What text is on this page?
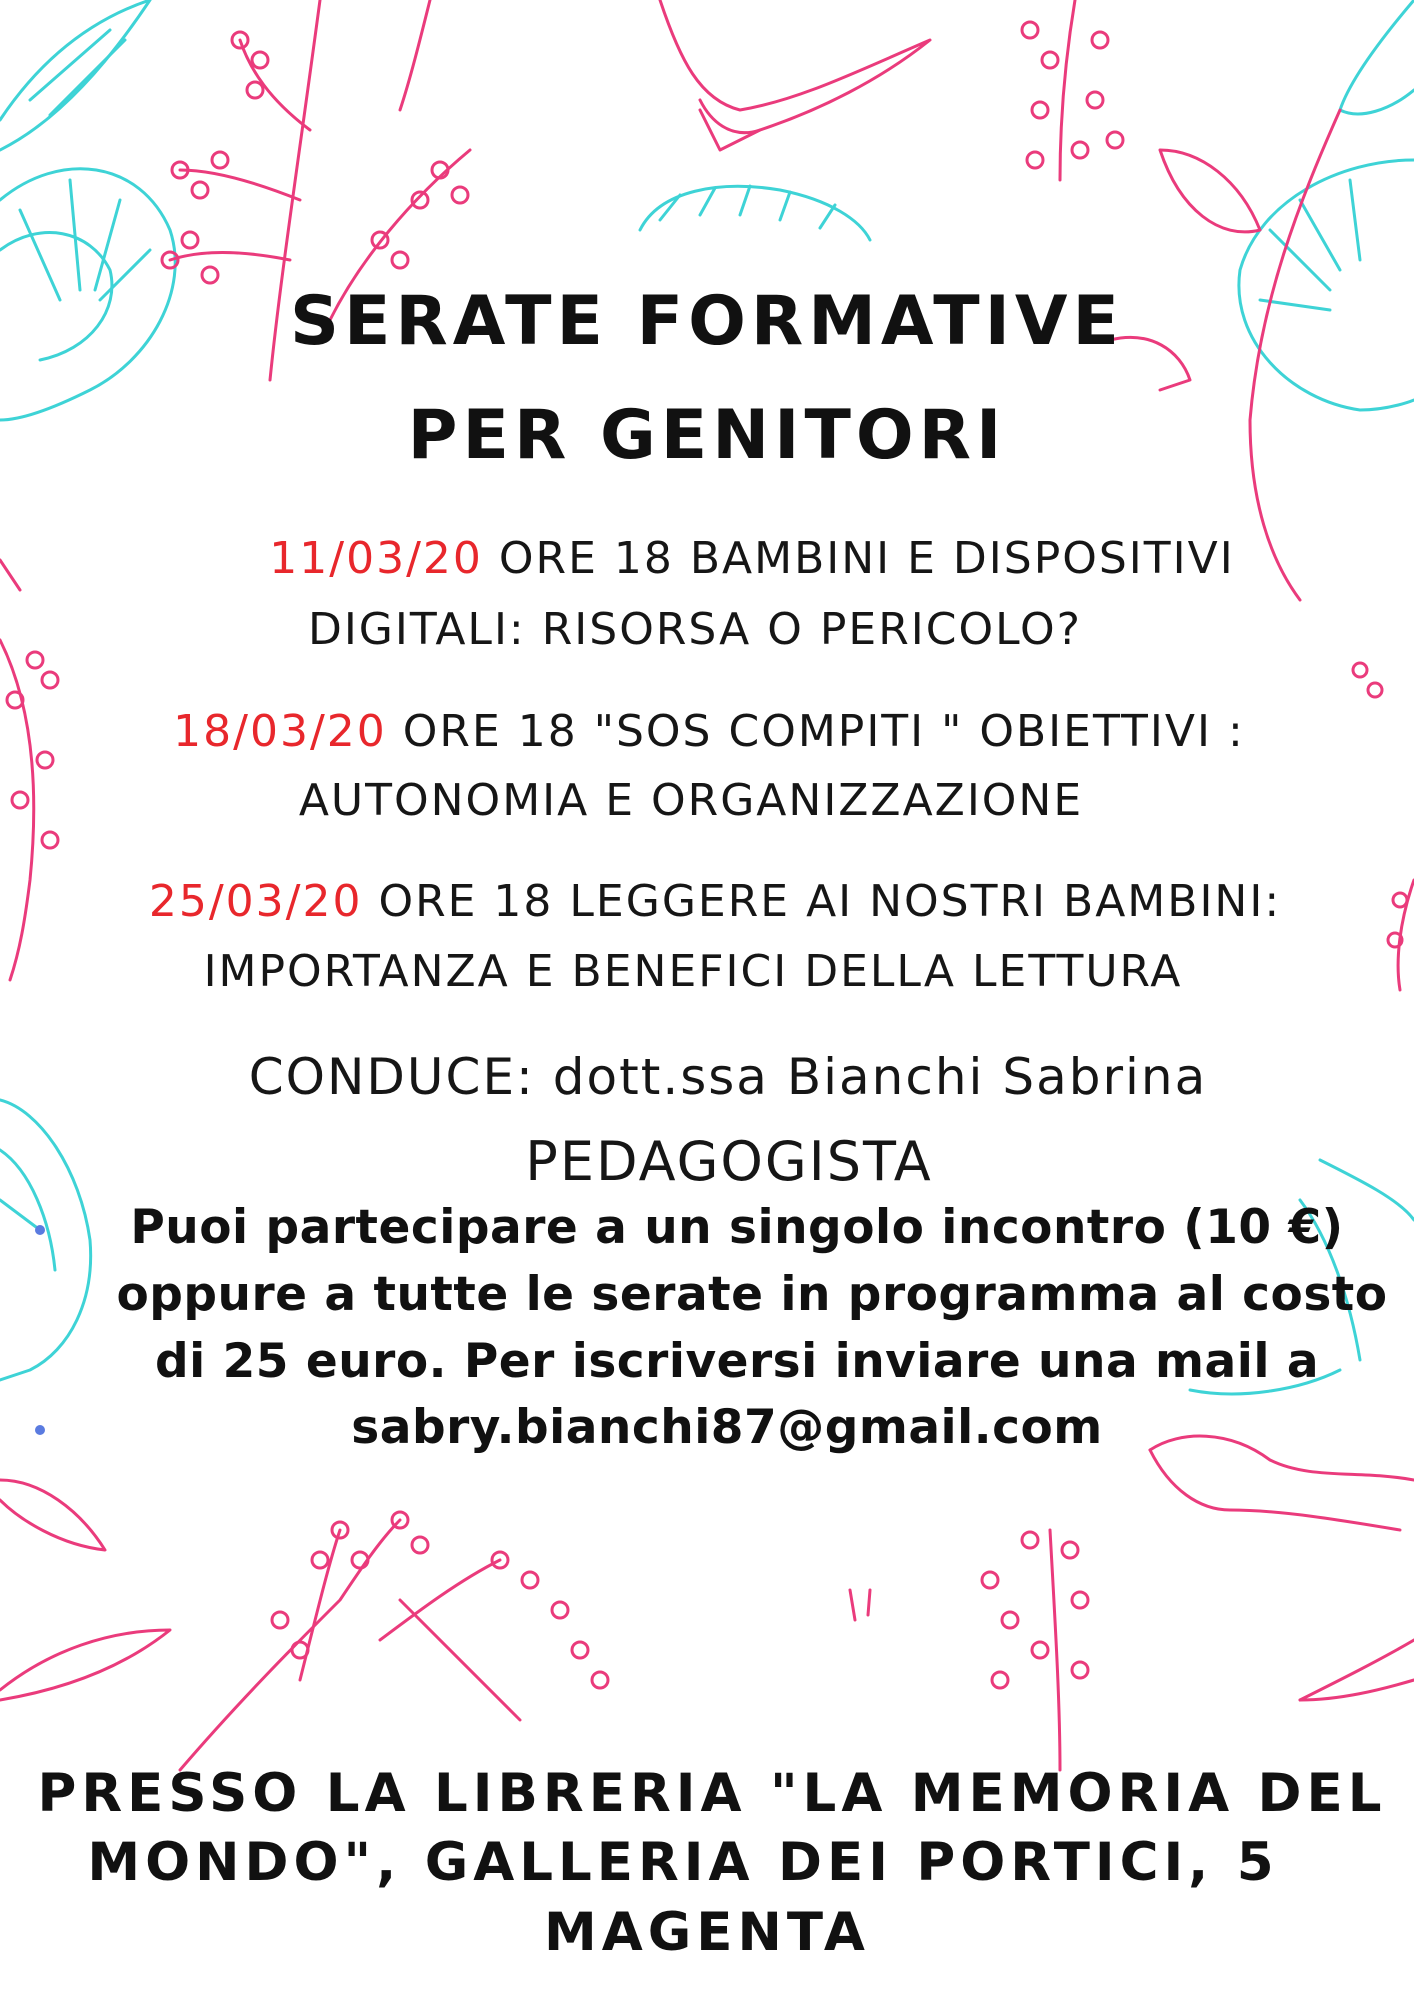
SERATE FORMATIVE
PER GENITORI
11/03/20 ORE 18 BAMBINI E DISPOSITIVI
DIGITALI: RISORSA O PERICOLO?
18/03/20 ORE 18 "SOS COMPITI " OBIETTIVI :
AUTONOMIA E ORGANIZZAZIONE
25/03/20 ORE 18 LEGGERE AI NOSTRI BAMBINI:
IMPORTANZA E BENEFICI DELLA LETTURA
CONDUCE: dott.ssa Bianchi Sabrina
PEDAGOGISTA
Puoi partecipare a un singolo incontro (10 €)
oppure a tutte le serate in programma al costo
di 25 euro. Per iscriversi inviare una mail a
sabry.bianchi87@gmail.com
PRESSO LA LIBRERIA "LA MEMORIA DEL
MONDO", GALLERIA DEI PORTICI, 5
MAGENTA
